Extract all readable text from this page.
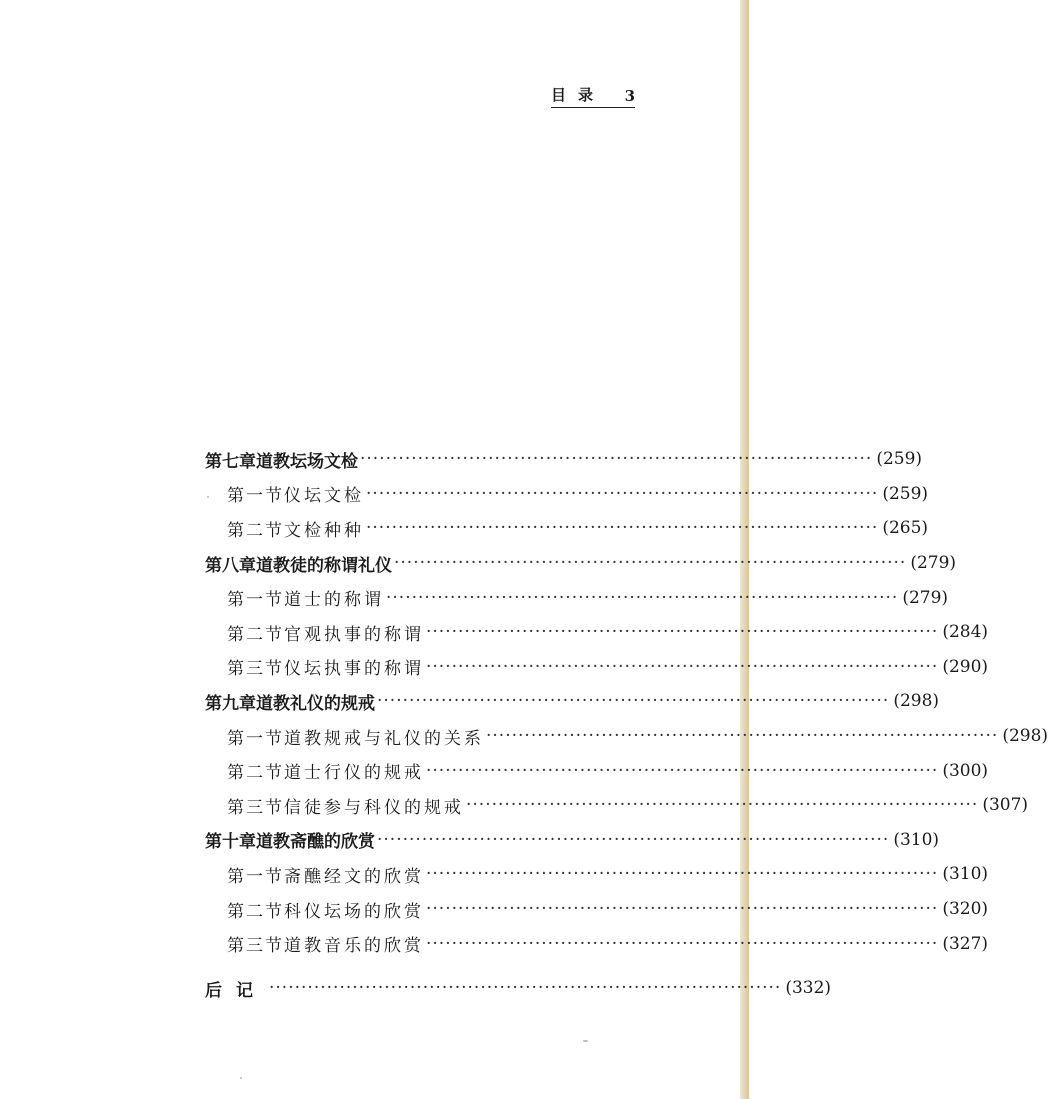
目录 3
第七章 道教坛场文检 ················································································ (259)
第一节 仪坛文检 ················································································ (259)
第二节 文检种种 ················································································ (265)
第八章 道教徒的称谓礼仪 ················································································ (279)
第一节 道士的称谓 ················································································ (279)
第二节 官观执事的称谓 ················································································ (284)
第三节 仪坛执事的称谓 ················································································ (290)
第九章 道教礼仪的规戒 ················································································ (298)
第一节 道教规戒与礼仪的关系 ················································································ (298)
第二节 道士行仪的规戒 ················································································ (300)
第三节 信徒参与科仪的规戒 ················································································ (307)
第十章 道教斋醮的欣赏 ················································································ (310)
第一节 斋醮经文的欣赏 ················································································ (310)
第二节 科仪坛场的欣赏 ················································································ (320)
第三节 道教音乐的欣赏 ················································································ (327)
后记 ················································································ (332)
